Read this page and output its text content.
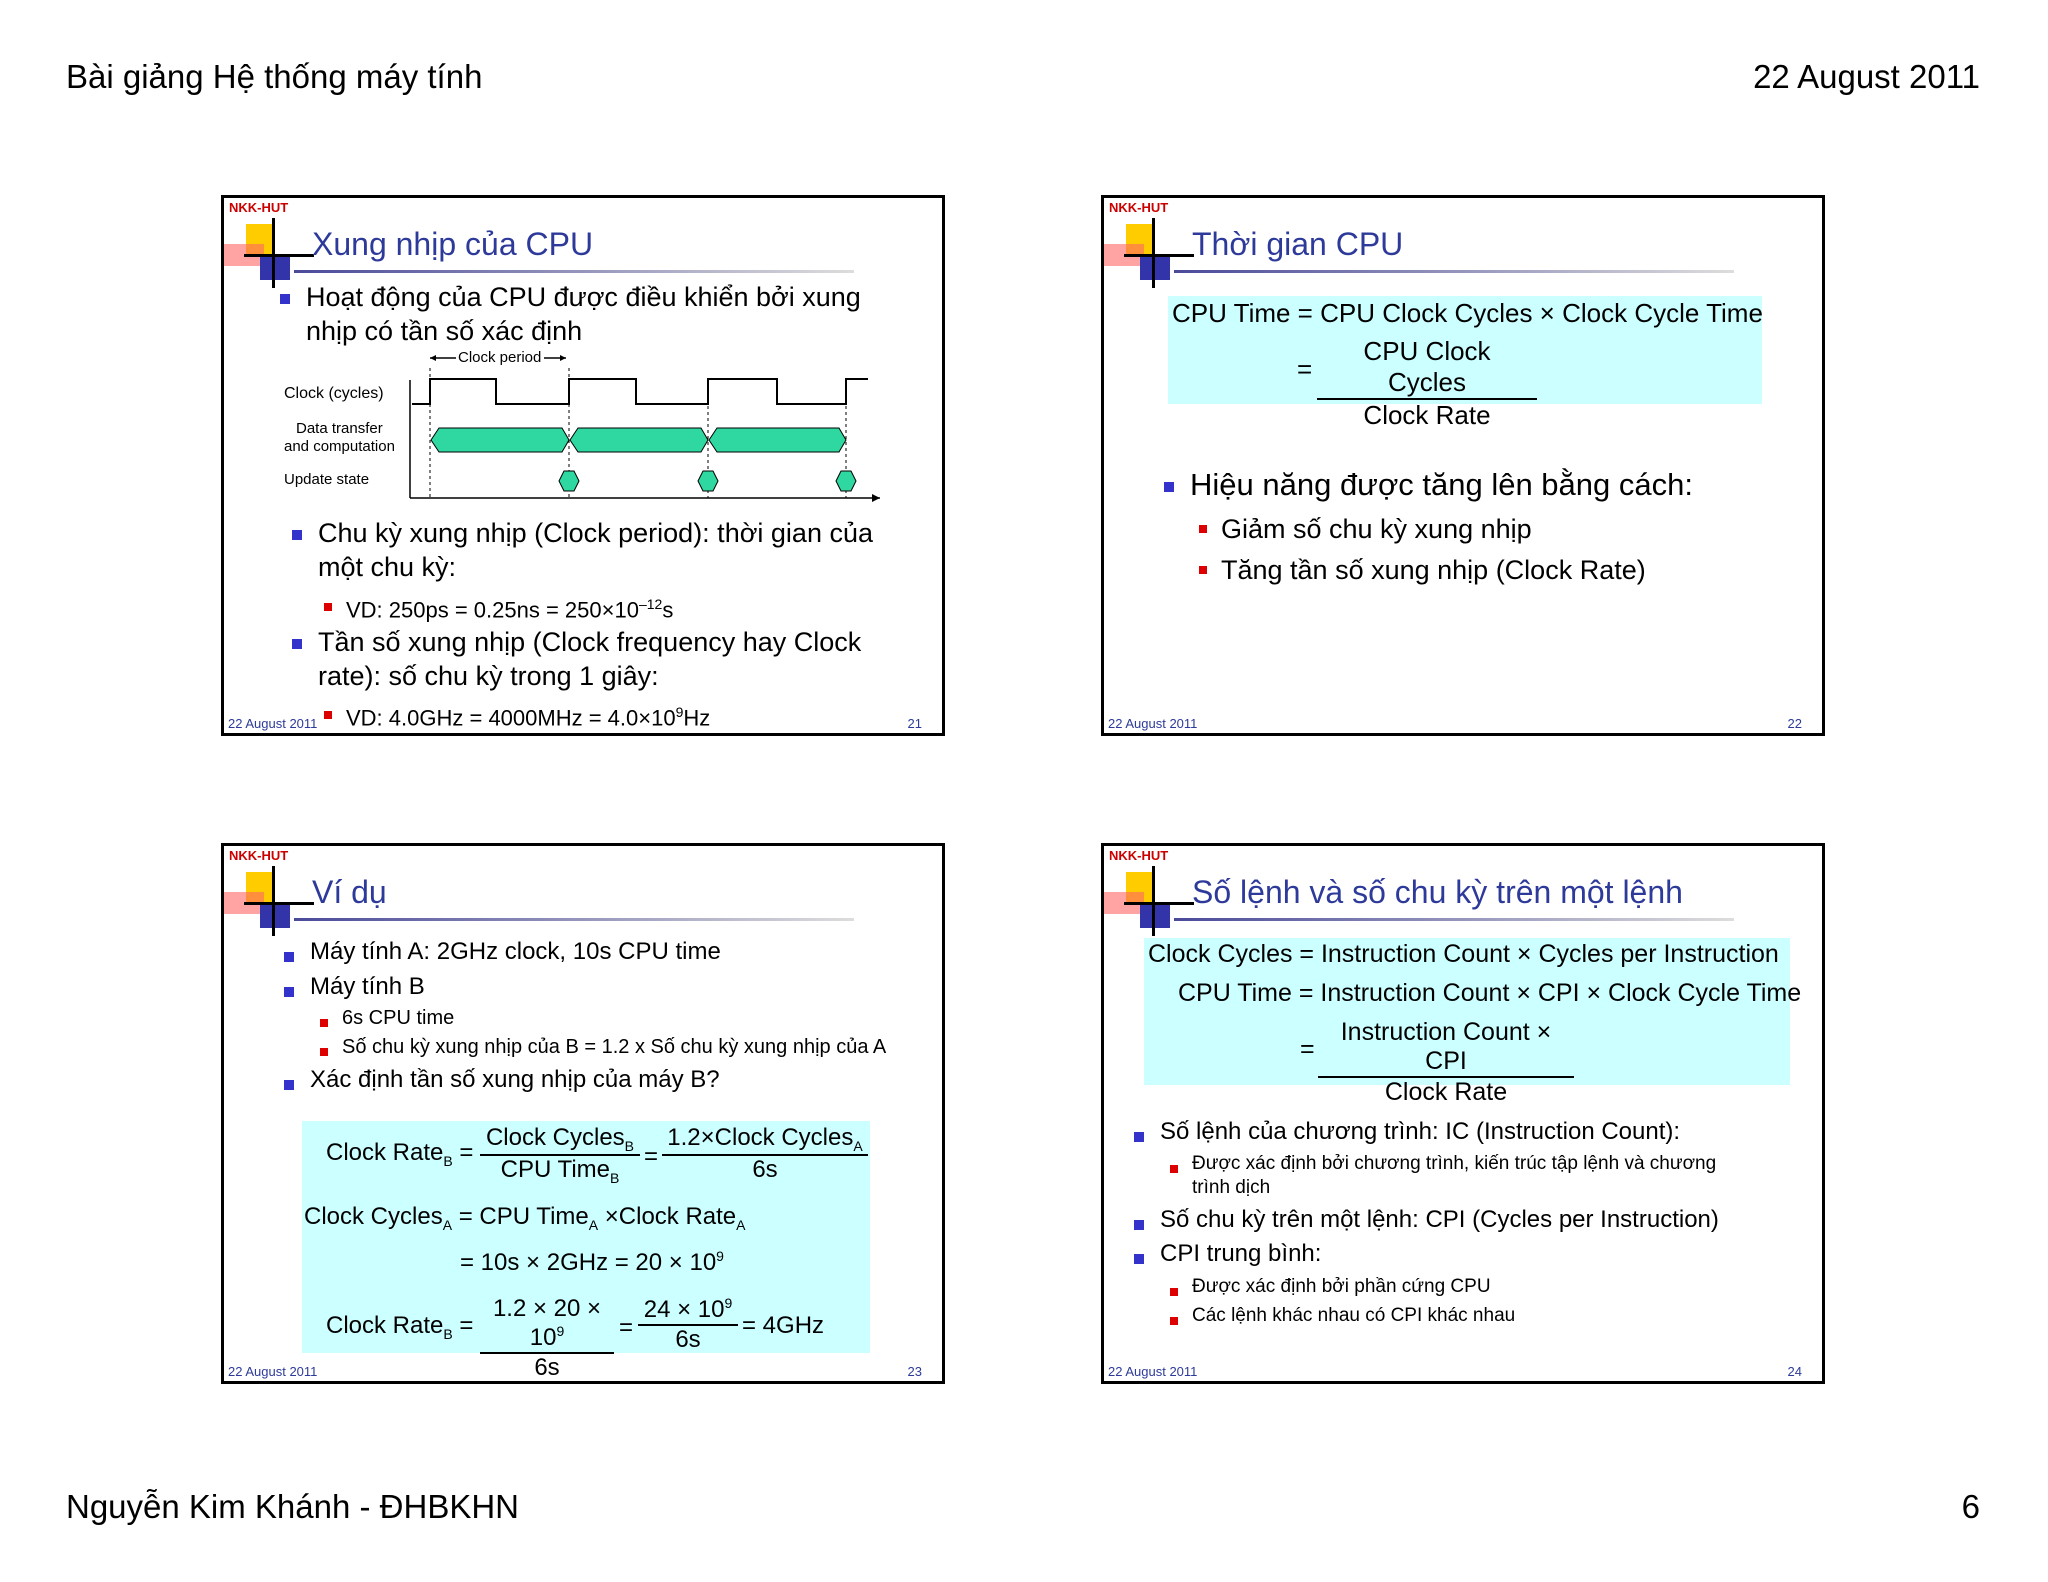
Bài giảng Hệ thống máy tính	22 August 2011
Nguyễn Kim Khánh - ĐHBKHN	6
NKK-HUT
Xung nhịp của CPU
Hoạt động của CPU được điều khiển bởi xung
nhịp có tần số xác định
Clock (cycles)
Data transfer
and computation
Update state
Clock period
Chu kỳ xung nhịp (Clock period): thời gian của
một chu kỳ:
VD: $250ps = 0.25ns = 250\times 10^{-12}s$
Tần số xung nhịp (Clock frequency hay Clock
rate): số chu kỳ trong 1 giây:
VD: $4.0GHz = 4000MHz = 4.0\times 10^9Hz$
22 August 2011	21
NKK-HUT
Thời gian CPU
CPU Time = CPU Clock Cycles × Clock Cycle Time
=
CPU Clock Cycles
Clock Rate
Hiệu năng được tăng lên bằng cách:
Giảm số chu kỳ xung nhịp
Tăng tần số xung nhịp (Clock Rate)
22 August 2011	22
NKK-HUT
Ví dụ
Máy tính A: 2GHz clock, 10s CPU time
Máy tính B
6s CPU time
Số chu kỳ xung nhịp của B = 1.2 x Số chu kỳ xung nhịp của A
Xác định tần số xung nhịp của máy B?
Clock Rate$_B$ =
Clock Cycles$_B$
CPU Time$_B$
=
1.2×Clock Cycles$_A$
6s
Clock Cycles$_A$ = CPU Time$_A$ ×Clock Rate$_A$
= $10s \times 2GHz = 20 \times 10^9$
Clock Rate$_B$ = $\frac{1.2 \times 20 \times 10^9}{6s} = \frac{24 \times 10^9}{6s} = 4GHz$
22 August 2011	23
NKK-HUT
Số lệnh và số chu kỳ trên một lệnh
Clock Cycles = Instruction Count × Cycles per Instruction
CPU Time = Instruction Count × CPI × Clock Cycle Time
=
Instruction Count × CPI
Clock Rate
Số lệnh của chương trình: IC (Instruction Count):
Được xác định bởi chương trình, kiến trúc tập lệnh và chương
trình dịch
Số chu kỳ trên một lệnh: CPI (Cycles per Instruction)
CPI trung bình:
Được xác định bởi phần cứng CPU
Các lệnh khác nhau có CPI khác nhau
22 August 2011	24
